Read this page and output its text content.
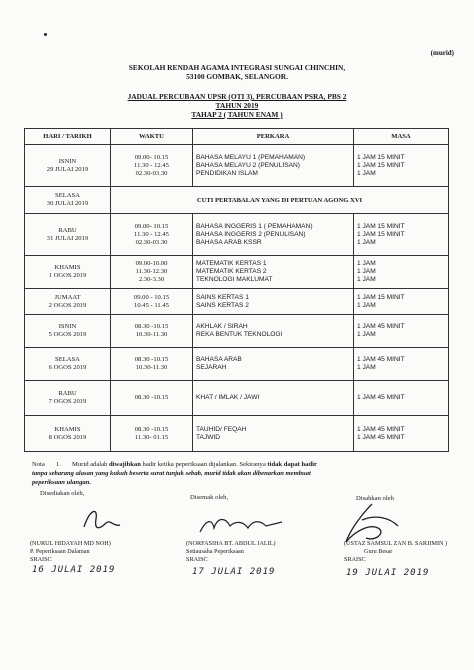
(murid)
SEKOLAH RENDAH AGAMA INTEGRASI SUNGAI CHINCHIN,
53100 GOMBAK, SELANGOR.
JADUAL PERCUBAAN UPSR (OTI 3), PERCUBAAN PSRA, PBS 2
TAHUN 2019
TAHAP 2 ( TAHUN ENAM )
HARI / TARIKH	WAKTU	PERKARA	MASA

ISNIN
29 JULAI 2019	09.00- 10.15
11.30 - 12.45
02.30-03.30	BAHASA MELAYU 1 (PEMAHAMAN)
BAHASA MELAYU 2 (PENULISAN)
PENDIDIKAN ISLAM	1 JAM 15 MINIT
1 JAM 15 MINIT
1 JAM

SELASA
30 JULAI 2019	CUTI PERTABALAN YANG DI PERTUAN AGONG XVI		

RABU
31 JULAI 2019	09.00- 10.15
11.30 - 12.45
02.30-03.30	BAHASA INGGERIS 1 ( PEMAHAMAN)
BAHASA INGGERIS 2 (PENULISAN)
BAHASA ARAB KSSR	1 JAM 15 MINIT
1 JAM 15 MINIT
1 JAM

KHAMIS
1 OGOS 2019	09.00-10.00
11.30-12.30
2.30-3.30	MATEMATIK KERTAS 1
MATEMATIK KERTAS 2
TEKNOLOGI MAKLUMAT	1 JAM
1 JAM
1 JAM

JUMAAT
2 OGOS 2019	09.00 - 10.15
10.45 - 11.45	SAINS KERTAS 1
SAINS KERTAS 2	1 JAM 15 MINIT
1 JAM

ISNIN
5 OGOS 2019	08.30 -10.15
10.30-11.30	AKHLAK / SIRAH
REKA BENTUK TEKNOLOGI	1 JAM 45 MINIT
1 JAM

SELASA
6 OGOS 2019	08.30 -10.15
10.30-11.30	BAHASA ARAB
SEJARAH	1 JAM 45 MINIT
1 JAM

RABU
7 OGOS 2019	08.30 -10.15	KHAT / IMLAK / JAWI	1 JAM 45 MINIT

KHAMIS
8 OGOS 2019	08.30 -10.15
11.30- 01.15	TAUHID/ FEQAH
TAJWID	1 JAM 45 MINIT
1 JAM 45 MINIT
Nota 1. Murid adalah diwajibkan hadir ketika peperiksaan dijalankan. Sekiranya tidak dapat hadir
tanpa sebarang alasan yang kukuh beserta surat tunjuk sebab, murid tidak akan dibenarkan membuat
peperiksaan ulangan.
Disediakan oleh,
Disemak oleh,	Disahkan oleh
(NURUL HIDAYAH MD NOH)
P. Peperiksaan Dalaman
SRAISC
(NORFASIHA BT. ABDUL JALIL)
Setiausaha Peperiksaan
SRAISC
(USTAZ SAMSUL ZAN B. SARJIMIN )
Guru Besar
SRAISC
16 JULAI 2019	17 JULAI 2019	19 JULAI 2019
